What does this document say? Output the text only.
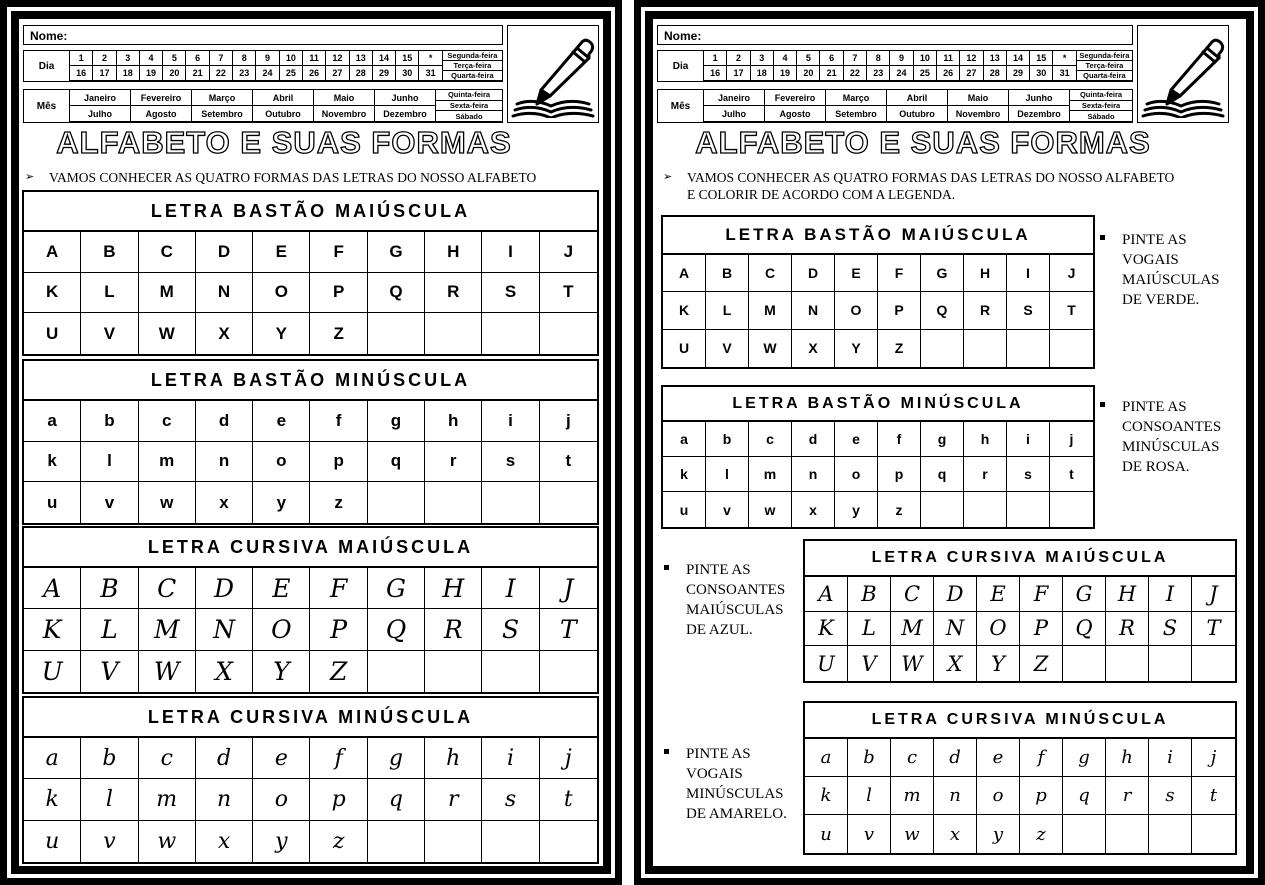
Nome:
Dia
1	2	3	4	5	6	7	8	9	10	11	12	13	14	15	*
16	17	18	19	20	21	22	23	24	25	26	27	28	29	30	31
Segunda-feira
Terça-feira
Quarta-feira
Mês
Janeiro	Fevereiro	Março	Abril	Maio	Junho
Julho	Agosto	Setembro	Outubro	Novembro	Dezembro
Quinta-feira
Sexta-feira
Sábado
ALFABETO E SUAS FORMAS
➢	VAMOS CONHECER AS QUATRO FORMAS DAS LETRAS DO NOSSO ALFABETO
LETRA BASTÃO MAIÚSCULA
A	B	C	D	E	F	G	H	I	J
K	L	M	N	O	P	Q	R	S	T
U	V	W	X	Y	Z
LETRA BASTÃO MINÚSCULA
a	b	c	d	e	f	g	h	i	j
k	l	m	n	o	p	q	r	s	t
u	v	w	x	y	z
LETRA CURSIVA MAIÚSCULA
A	B	C	D	E	F	G	H	I	J
K	L	M	N	O	P	Q	R	S	T
U	V	W	X	Y	Z
LETRA CURSIVA MINÚSCULA
a	b	c	d	e	f	g	h	i	j
k	l	m	n	o	p	q	r	s	t
u	v	w	x	y	z
Nome:
Dia
1	2	3	4	5	6	7	8	9	10	11	12	13	14	15	*
16	17	18	19	20	21	22	23	24	25	26	27	28	29	30	31
Segunda-feira
Terça-feira
Quarta-feira
Mês
Janeiro	Fevereiro	Março	Abril	Maio	Junho
Julho	Agosto	Setembro	Outubro	Novembro	Dezembro
Quinta-feira
Sexta-feira
Sábado
ALFABETO E SUAS FORMAS
➢	VAMOS CONHECER AS QUATRO FORMAS DAS LETRAS DO NOSSO ALFABETO
E COLORIR DE ACORDO COM A LEGENDA.
LETRA BASTÃO MAIÚSCULA
A	B	C	D	E	F	G	H	I	J
K	L	M	N	O	P	Q	R	S	T
U	V	W	X	Y	Z
LETRA BASTÃO MINÚSCULA
a	b	c	d	e	f	g	h	i	j
k	l	m	n	o	p	q	r	s	t
u	v	w	x	y	z
LETRA CURSIVA MAIÚSCULA
A	B	C	D	E	F	G	H	I	J
K	L	M	N	O	P	Q	R	S	T
U	V	W	X	Y	Z
LETRA CURSIVA MINÚSCULA
a	b	c	d	e	f	g	h	i	j
k	l	m	n	o	p	q	r	s	t
u	v	w	x	y	z
PINTE AS
VOGAIS
MAIÚSCULAS
DE VERDE.
PINTE AS
CONSOANTES
MINÚSCULAS
DE ROSA.
PINTE AS
CONSOANTES
MAIÚSCULAS
DE AZUL.
PINTE AS
VOGAIS
MINÚSCULAS
DE AMARELO.
